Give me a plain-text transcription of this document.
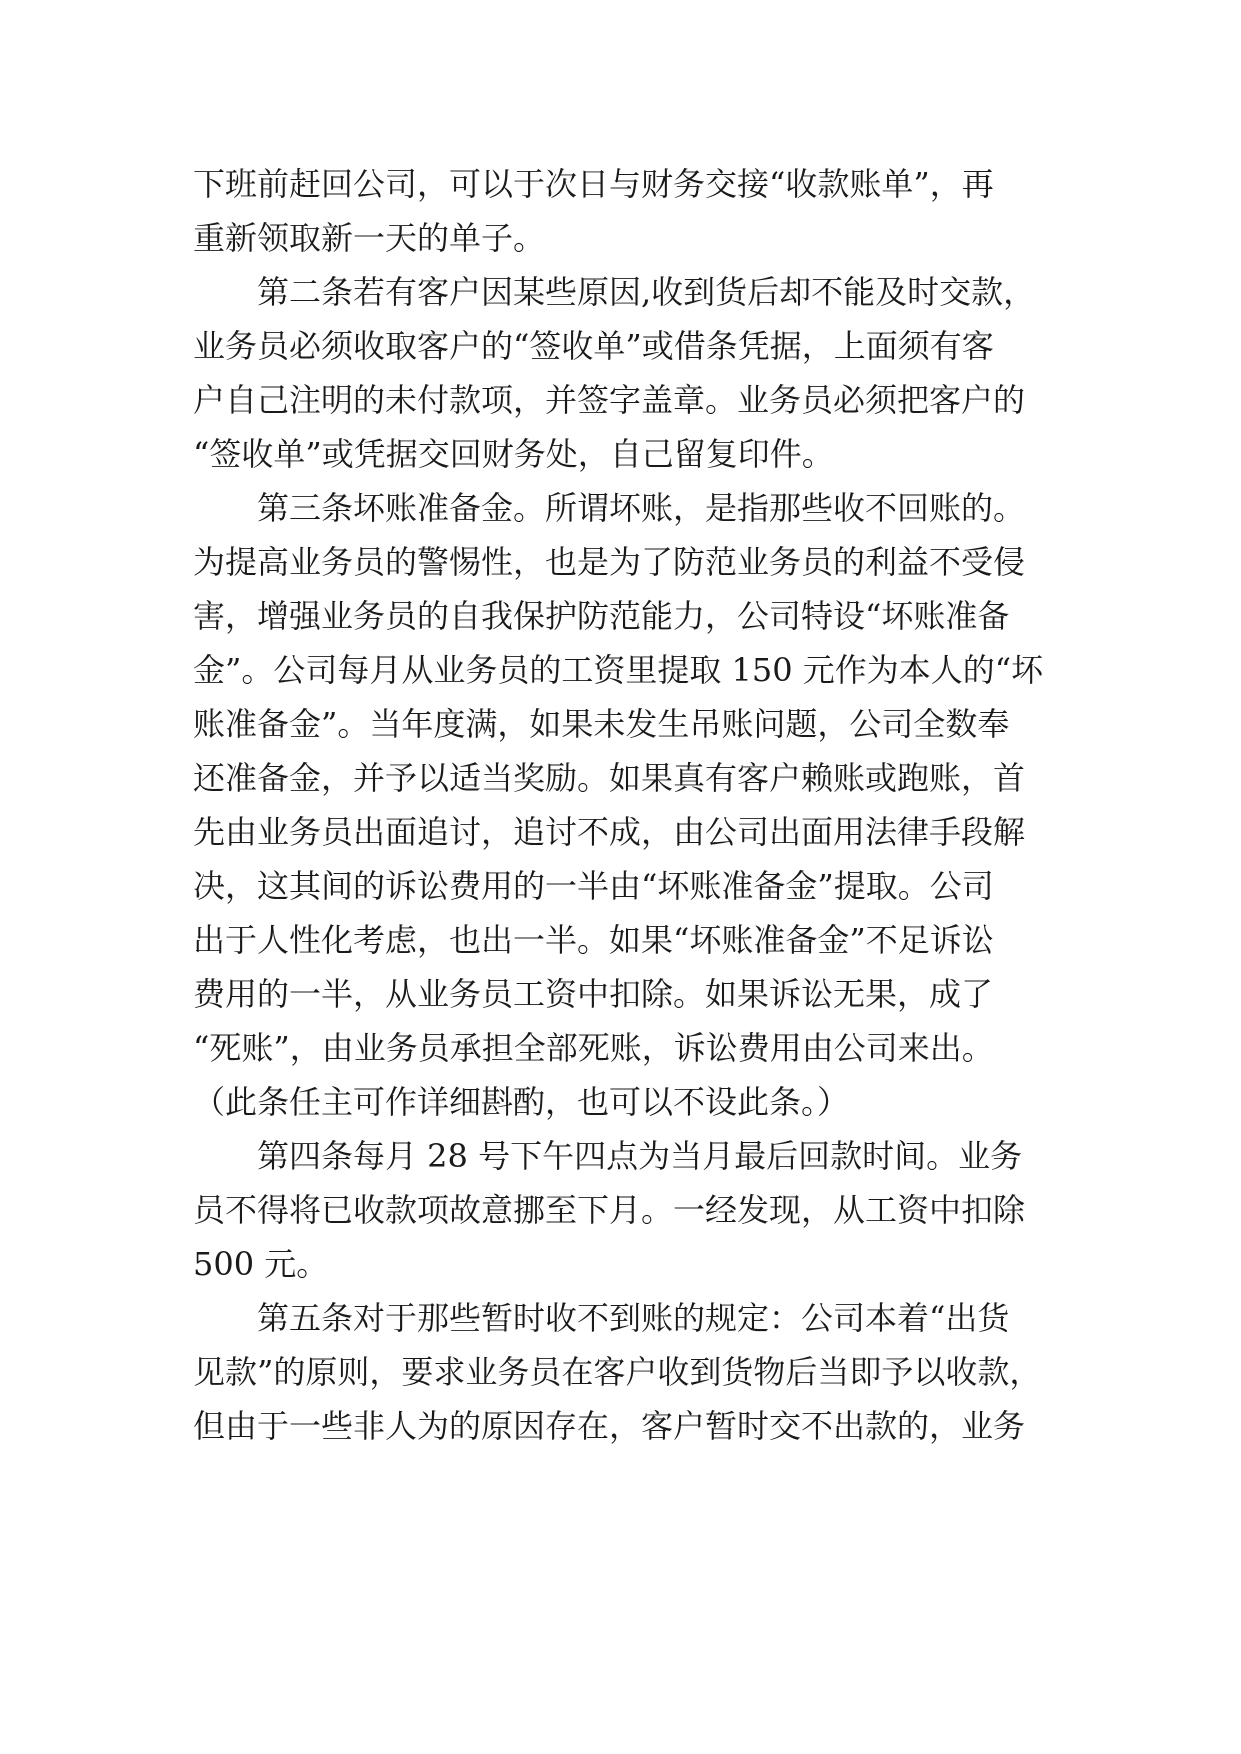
下班前赶回公司，可以于次日与财务交接“收款账单”，再
重新领取新一天的单子。
第二条若有客户因某些原因,收到货后却不能及时交款，
业务员必须收取客户的“签收单”或借条凭据，上面须有客
户自己注明的未付款项，并签字盖章。业务员必须把客户的
“签收单”或凭据交回财务处，自己留复印件。
第三条坏账准备金。所谓坏账，是指那些收不回账的。
为提高业务员的警惕性，也是为了防范业务员的利益不受侵
害，增强业务员的自我保护防范能力，公司特设“坏账准备
金”。公司每月从业务员的工资里提取 150 元作为本人的“坏
账准备金”。当年度满，如果未发生吊账问题，公司全数奉
还准备金，并予以适当奖励。如果真有客户赖账或跑账，首
先由业务员出面追讨，追讨不成，由公司出面用法律手段解
决，这其间的诉讼费用的一半由“坏账准备金”提取。公司
出于人性化考虑，也出一半。如果“坏账准备金”不足诉讼
费用的一半，从业务员工资中扣除。如果诉讼无果，成了
“死账”，由业务员承担全部死账，诉讼费用由公司来出。
（此条任主可作详细斟酌，也可以不设此条。）
第四条每月 28 号下午四点为当月最后回款时间。业务
员不得将已收款项故意挪至下月。一经发现，从工资中扣除
500 元。
第五条对于那些暂时收不到账的规定：公司本着“出货
见款”的原则，要求业务员在客户收到货物后当即予以收款，
但由于一些非人为的原因存在，客户暂时交不出款的，业务
